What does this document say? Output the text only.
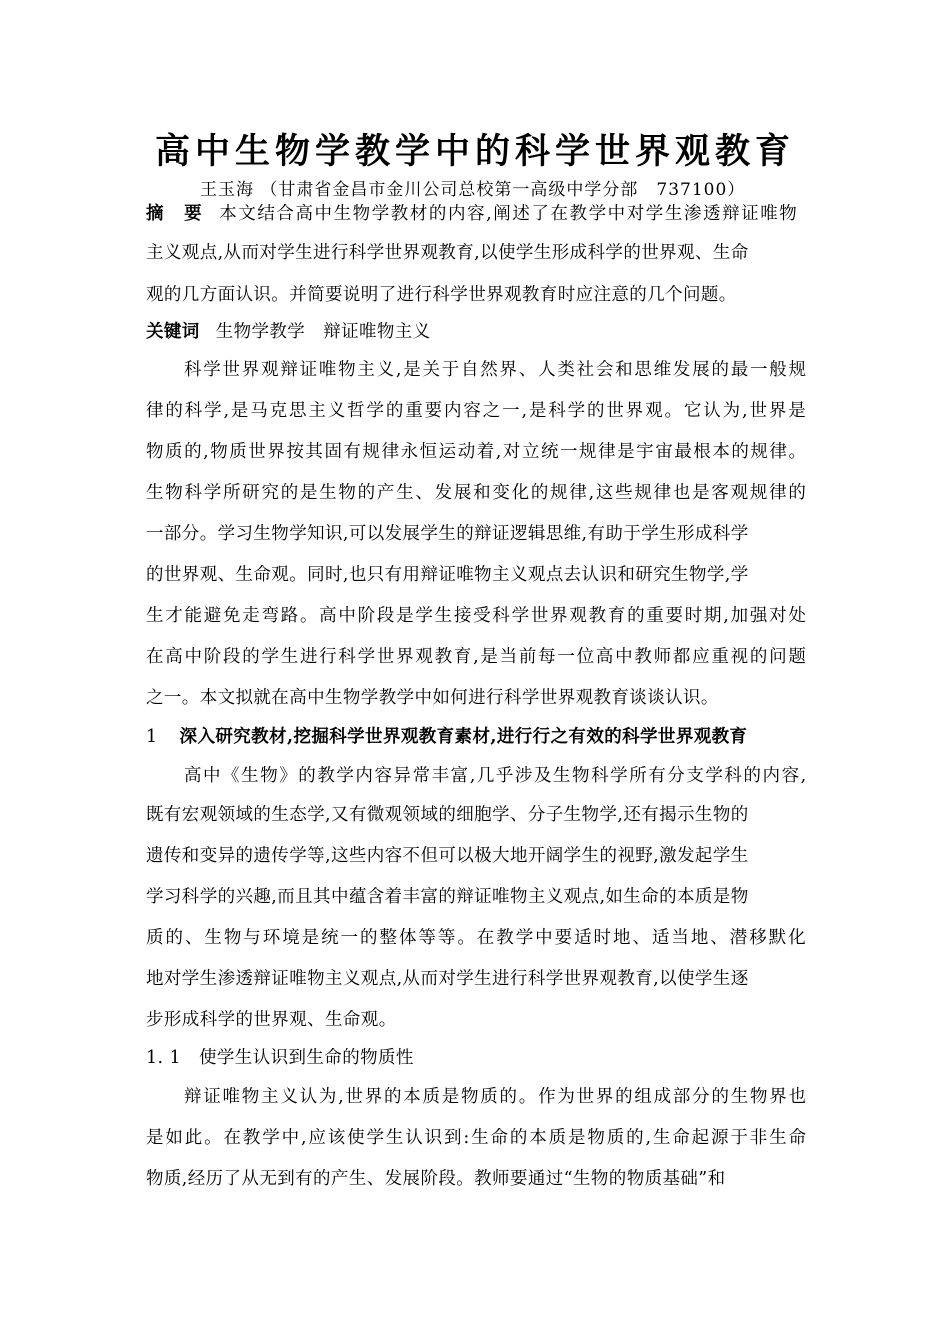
高中生物学教学中的科学世界观教育
王玉海 （甘肃省金昌市金川公司总校第一高级中学分部　737100）
摘　要 本文结合高中生物学教材的内容,阐述了在教学中对学生渗透辩证唯物
主义观点,从而对学生进行科学世界观教育,以使学生形成科学的世界观、生命
观的几方面认识。并简要说明了进行科学世界观教育时应注意的几个问题。
关键词 生物学教学 辩证唯物主义
科学世界观辩证唯物主义,是关于自然界、人类社会和思维发展的最一般规
律的科学,是马克思主义哲学的重要内容之一,是科学的世界观。它认为,世界是
物质的,物质世界按其固有规律永恒运动着,对立统一规律是宇宙最根本的规律。
生物科学所研究的是生物的产生、发展和变化的规律,这些规律也是客观规律的
一部分。学习生物学知识,可以发展学生的辩证逻辑思维,有助于学生形成科学
的世界观、生命观。同时,也只有用辩证唯物主义观点去认识和研究生物学,学
生才能避免走弯路。高中阶段是学生接受科学世界观教育的重要时期,加强对处
在高中阶段的学生进行科学世界观教育,是当前每一位高中教师都应重视的问题
之一。本文拟就在高中生物学教学中如何进行科学世界观教育谈谈认识。
1 深入研究教材,挖掘科学世界观教育素材,进行行之有效的科学世界观教育
高中《生物》的教学内容异常丰富,几乎涉及生物科学所有分支学科的内容,
既有宏观领域的生态学,又有微观领域的细胞学、分子生物学,还有揭示生物的
遗传和变异的遗传学等,这些内容不但可以极大地开阔学生的视野,激发起学生
学习科学的兴趣,而且其中蕴含着丰富的辩证唯物主义观点,如生命的本质是物
质的、生物与环境是统一的整体等等。在教学中要适时地、适当地、潜移默化
地对学生渗透辩证唯物主义观点,从而对学生进行科学世界观教育,以使学生逐
步形成科学的世界观、生命观。
1. 1 使学生认识到生命的物质性
辩证唯物主义认为,世界的本质是物质的。作为世界的组成部分的生物界也
是如此。在教学中,应该使学生认识到:生命的本质是物质的,生命起源于非生命
物质,经历了从无到有的产生、发展阶段。教师要通过“生物的物质基础”和
